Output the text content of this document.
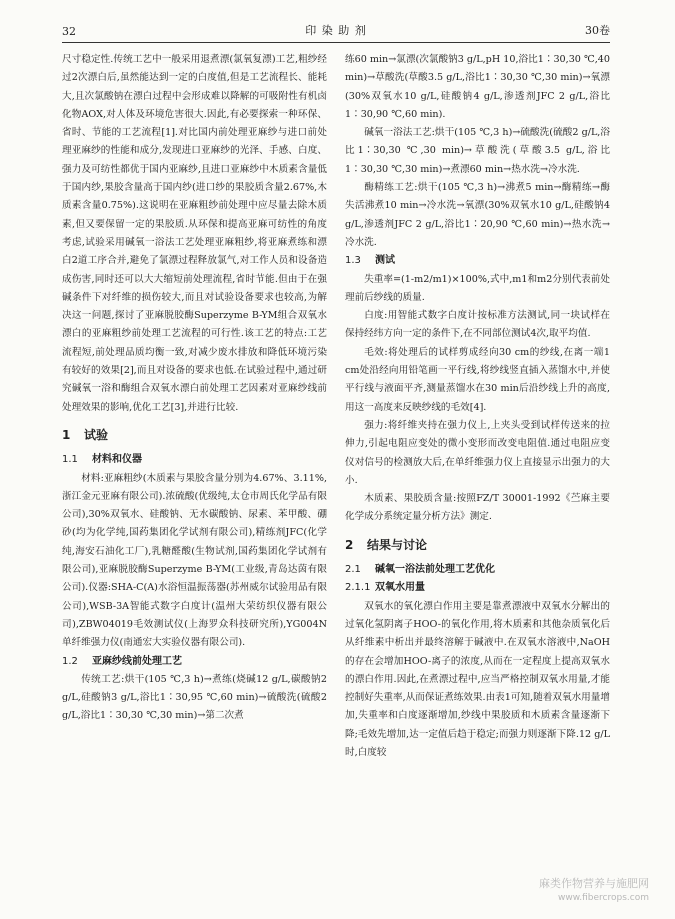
32	印 染 助 剂	30卷

尺寸稳定性.传统工艺中一般采用退煮漂(氯氧复漂)工艺,粗纱经过2次漂白后,虽然能达到一定的白度值,但是工艺流程长、能耗大,且次氯酸钠在漂白过程中会形成难以降解的可吸附性有机卤化物AOX,对人体及环境危害很大.因此,有必要探索一种环保、省时、节能的工艺流程[1].对比国内前处理亚麻纱与进口前处理亚麻纱的性能和成分,发现进口亚麻纱的光泽、手感、白度、强力及可纺性都优于国内亚麻纱,且进口亚麻纱中木质素含量低于国内纱,果胶含量高于国内纱(进口纱的果胶质含量2.67%,木质素含量0.75%).这说明在亚麻粗纱前处理中应尽量去除木质素,但又要保留一定的果胶质.从环保和提高亚麻可纺性的角度考虑,试验采用碱氧一浴法工艺处理亚麻粗纱,将亚麻煮练和漂白2道工序合并,避免了氯漂过程释放氯气,对工作人员和设备造成伤害,同时还可以大大缩短前处理流程,省时节能.但由于在强碱条件下对纤维的损伤较大,而且对试验设备要求也较高,为解决这一问题,探讨了亚麻脱胶酶Superzyme B-YM组合双氧水漂白的亚麻粗纱前处理工艺流程的可行性.该工艺的特点:工艺流程短,前处理品质均衡一致,对减少废水排放和降低环境污染有较好的效果[2],而且对设备的要求也低.在试验过程中,通过研究碱氧一浴和酶组合双氧水漂白前处理工艺因素对亚麻纱线前处理效果的影响,优化工艺[3],并进行比较.

1 试验
1.1 材料和仪器

材料:亚麻粗纱(木质素与果胶含量分别为4.67%、3.11%,浙江金元亚麻有限公司).浓硫酸(优级纯,太仓市周氏化学品有限公司),30%双氧水、硅酸钠、无水碳酸钠、尿素、苯甲酸、硼砂(均为化学纯,国药集团化学试剂有限公司),精练剂JFC(化学纯,海安石油化工厂),乳糖醛酸(生物试剂,国药集团化学试剂有限公司),亚麻脱胶酶Superzyme B-YM(工业级,青岛达茵有限公司).仪器:SHA-C(A)水浴恒温振荡器(苏州威尔试验用品有限公司),WSB-3A智能式数字白度计(温州大荣纺织仪器有限公司),ZBW04019毛效测试仪(上海罗众科技研究所),YG004N单纤维强力仪(南通宏大实验仪器有限公司).

1.2 亚麻纱线前处理工艺

传统工艺:烘干(105 ℃,3 h)→煮练(烧碱12 g/L,碳酸钠2 g/L,硅酸钠3 g/L,浴比1∶30,95 ℃,60 min)→硫酸洗(硫酸2 g/L,浴比1∶30,30 ℃,30 min)→第二次煮

练60 min→氯漂(次氯酸钠3 g/L,pH 10,浴比1∶30,30 ℃,40 min)→草酸洗(草酸3.5 g/L,浴比1∶30,30 ℃,30 min)→氧漂(30%双氧水10 g/L,硅酸钠4 g/L,渗透剂JFC 2 g/L,浴比1∶30,90 ℃,60 min).

碱氧一浴法工艺:烘干(105 ℃,3 h)→硫酸洗(硫酸2 g/L,浴比1∶30,30 ℃,30 min)→草酸洗(草酸3.5 g/L,浴比1∶30,30 ℃,30 min)→煮漂60 min→热水洗→冷水洗.

酶精练工艺:烘干(105 ℃,3 h)→沸煮5 min→酶精练→酶失活沸煮10 min→冷水洗→氧漂(30%双氧水10 g/L,硅酸钠4 g/L,渗透剂JFC 2 g/L,浴比1∶20,90 ℃,60 min)→热水洗→冷水洗.

1.3 测试

失重率=(1-m2/m1)×100%,式中,m1和m2分别代表前处理前后纱线的质量.

白度:用智能式数字白度计按标准方法测试,同一块试样在保持经纬方向一定的条件下,在不同部位测试4次,取平均值.

毛效:将处理后的试样剪成经向30 cm的纱线,在离一端1 cm处沿经向用铅笔画一平行线,将纱线竖直插入蒸馏水中,并使平行线与液面平齐,测量蒸馏水在30 min后沿纱线上升的高度,用这一高度来反映纱线的毛效[4].

强力:将纤维夹持在强力仪上,上夹头受到试样传送来的拉伸力,引起电阻应变处的微小变形而改变电阻值.通过电阻应变仪对信号的检测放大后,在单纤维强力仪上直接显示出强力的大小.

木质素、果胶质含量:按照FZ/T 30001-1992《苎麻主要化学成分系统定量分析方法》测定.

2 结果与讨论
2.1 碱氧一浴法前处理工艺优化
2.1.1 双氧水用量

双氧水的氧化漂白作用主要是靠煮漂液中双氧水分解出的过氧化氢阴离子HOO-的氧化作用,将木质素和其他杂质氧化后从纤维素中析出并最终溶解于碱液中.在双氧水溶液中,NaOH的存在会增加HOO-离子的浓度,从而在一定程度上提高双氧水的漂白作用.因此,在煮漂过程中,应当严格控制双氧水用量,才能控制好失重率,从而保证煮练效果.由表1可知,随着双氧水用量增加,失重率和白度逐渐增加,纱线中果胶质和木质素含量逐渐下降;毛效先增加,达一定值后趋于稳定;而强力则逐渐下降.12 g/L时,白度较

麻类作物营养与施肥网
www.fibercrops.com
